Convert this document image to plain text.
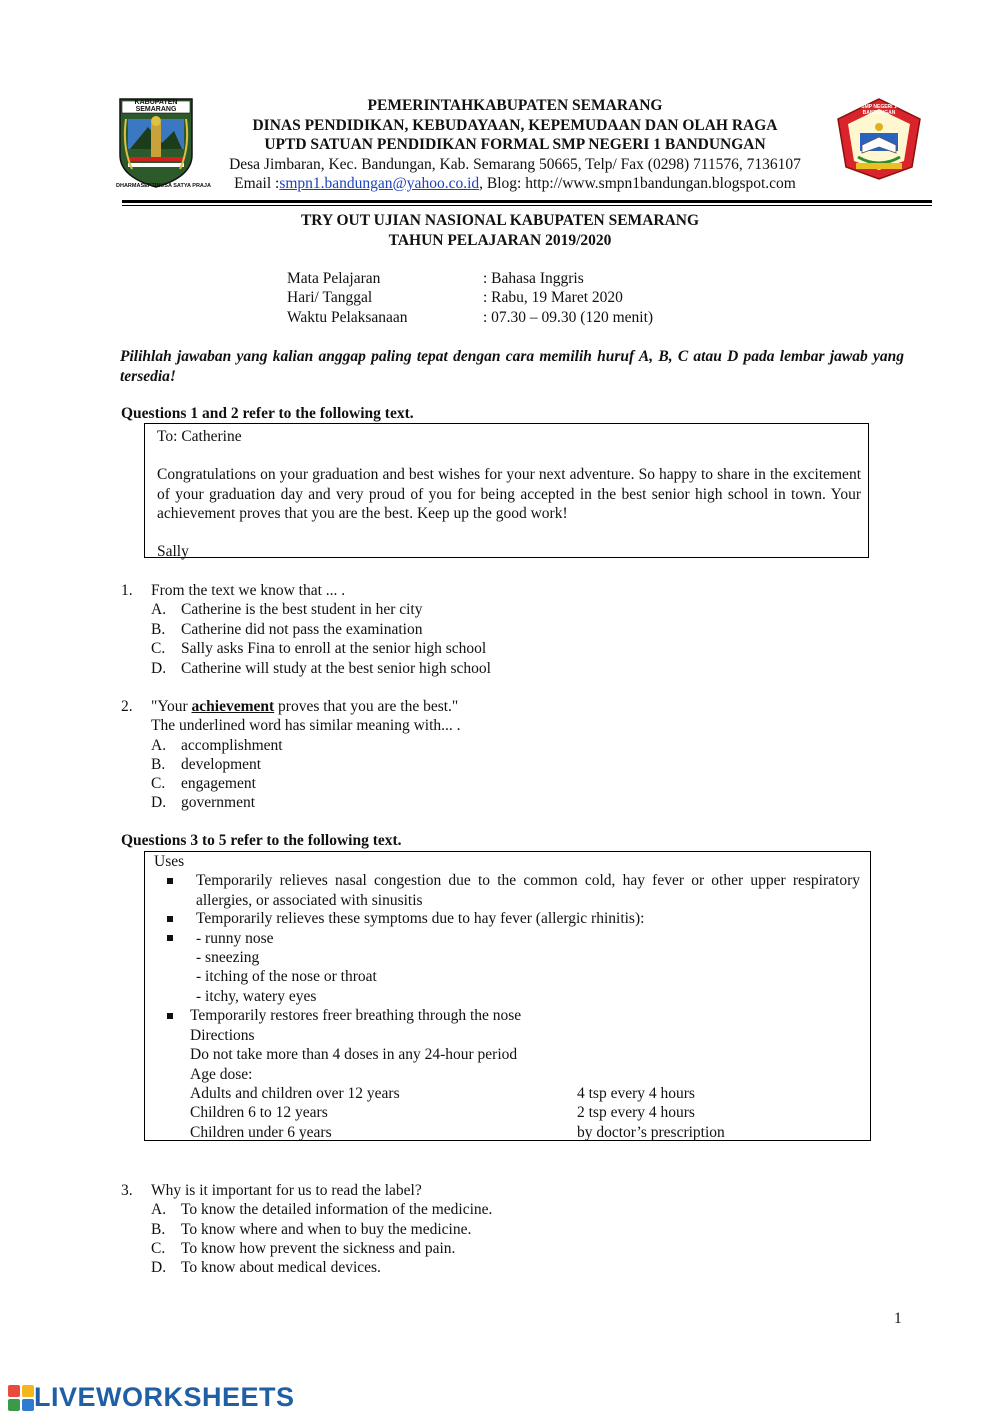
KABUPATEN SEMARANG
DHARMASEPTINUSA SATYA PRAJA
SMP NEGERI 1 BANDUNGAN
PEMERINTAHKABUPATEN SEMARANG
DINAS PENDIDIKAN, KEBUDAYAAN, KEPEMUDAAN DAN OLAH RAGA
UPTD SATUAN PENDIDIKAN FORMAL SMP NEGERI 1 BANDUNGAN
Desa Jimbaran, Kec. Bandungan, Kab. Semarang 50665, Telp/ Fax (0298) 711576, 7136107
Email :smpn1.bandungan@yahoo.co.id, Blog: http://www.smpn1bandungan.blogspot.com
TRY OUT UJIAN NASIONAL KABUPATEN SEMARANG
TAHUN PELAJARAN 2019/2020
Mata Pelajaran	: Bahasa Inggris
Hari/ Tanggal	: Rabu, 19 Maret 2020
Waktu Pelaksanaan	: 07.30 – 09.30 (120 menit)
Pilihlah jawaban yang kalian anggap paling tepat dengan cara memilih huruf A, B, C atau D pada lembar jawab yang tersedia!
Questions 1 and 2 refer to the following text.
To: Catherine
Congratulations on your graduation and best wishes for your next adventure. So happy to share in the excitement of your graduation day and very proud of you for being accepted in the best senior high school in town. Your achievement proves that you are the best. Keep up the good work!
Sally
1. From the text we know that ... .
A. Catherine is the best student in her city
B. Catherine did not pass the examination
C. Sally asks Fina to enroll at the senior high school
D. Catherine will study at the best senior high school
2. "Your achievement proves that you are the best."
The underlined word has similar meaning with... .
A. accomplishment
B. development
C. engagement
D. government
Questions 3 to 5 refer to the following text.
Uses
Temporarily relieves nasal congestion due to the common cold, hay fever or other upper respiratory allergies, or associated with sinusitis
Temporarily relieves these symptoms due to hay fever (allergic rhinitis):
- runny nose
- sneezing
- itching of the nose or throat
- itchy, watery eyes
Temporarily restores freer breathing through the nose
Directions
Do not take more than 4 doses in any 24-hour period
Age dose:
Adults and children over 12 years	4 tsp every 4 hours
Children 6 to 12 years	2 tsp every 4 hours
Children under 6 years	by doctor’s prescription
3. Why is it important for us to read the label?
A. To know the detailed information of the medicine.
B. To know where and when to buy the medicine.
C. To know how prevent the sickness and pain.
D. To know about medical devices.
1
LIVEWORKSHEETS
